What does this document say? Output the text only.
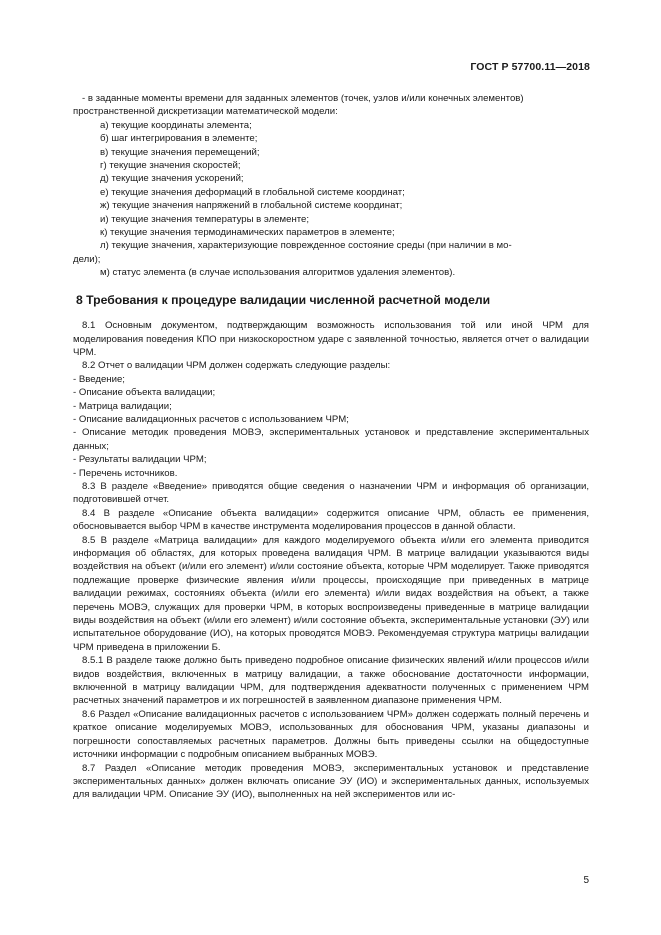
ГОСТ Р 57700.11—2018

- в заданные моменты времени для заданных элементов (точек, узлов и/или конечных элементов)

пространственной дискретизации математической модели:

а) текущие координаты элемента;

б) шаг интегрирования в элементе;

в) текущие значения перемещений;

г) текущие значения скоростей;

д) текущие значения ускорений;

е) текущие значения деформаций в глобальной системе координат;

ж) текущие значения напряжений в глобальной системе координат;

и) текущие значения температуры в элементе;

к) текущие значения термодинамических параметров в элементе;

л) текущие значения, характеризующие поврежденное состояние среды (при наличии в мо-

дели);

м) статус элемента (в случае использования алгоритмов удаления элементов).

8 Требования к процедуре валидации численной расчетной модели

8.1 Основным документом, подтверждающим возможность использования той или иной ЧРМ для моделирования поведения КПО при низкоскоростном ударе с заявленной точностью, является отчет о валидации ЧРМ.

8.2 Отчет о валидации ЧРМ должен содержать следующие разделы:

- Введение;

- Описание объекта валидации;

- Матрица валидации;

- Описание валидационных расчетов с использованием ЧРМ;

- Описание методик проведения МОВЭ, экспериментальных установок и представление экспериментальных данных;

- Результаты валидации ЧРМ;

- Перечень источников.

8.3 В разделе «Введение» приводятся общие сведения о назначении ЧРМ и информация об организации, подготовившей отчет.

8.4 В разделе «Описание объекта валидации» содержится описание ЧРМ, область ее применения, обосновывается выбор ЧРМ в качестве инструмента моделирования процессов в данной области.

8.5 В разделе «Матрица валидации» для каждого моделируемого объекта и/или его элемента приводится информация об областях, для которых проведена валидация ЧРМ. В матрице валидации указываются виды воздействия на объект (и/или его элемент) и/или состояние объекта, которые ЧРМ моделирует. Также приводятся подлежащие проверке физические явления и/или процессы, происходящие при приведенных в матрице валидации режимах, состояниях объекта (и/или его элемента) и/или видах воздействия на объект, а также перечень МОВЭ, служащих для проверки ЧРМ, в которых воспроизведены приведенные в матрице валидации виды воздействия на объект (и/или его элемент) и/или состояние объекта, экспериментальные установки (ЭУ) или испытательное оборудование (ИО), на которых проводятся МОВЭ. Рекомендуемая структура матрицы валидации ЧРМ приведена в приложении Б.

8.5.1 В разделе также должно быть приведено подробное описание физических явлений и/или процессов и/или видов воздействия, включенных в матрицу валидации, а также обоснование достаточности информации, включенной в матрицу валидации ЧРМ, для подтверждения адекватности полученных с применением ЧРМ расчетных значений параметров и их погрешностей в заявленном диапазоне применения ЧРМ.

8.6 Раздел «Описание валидационных расчетов с использованием ЧРМ» должен содержать полный перечень и краткое описание моделируемых МОВЭ, использованных для обоснования ЧРМ, указаны диапазоны и погрешности сопоставляемых расчетных параметров. Должны быть приведены ссылки на общедоступные источники информации с подробным описанием выбранных МОВЭ.

8.7 Раздел «Описание методик проведения МОВЭ, экспериментальных установок и представление экспериментальных данных» должен включать описание ЭУ (ИО) и экспериментальных данных, используемых для валидации ЧРМ. Описание ЭУ (ИО), выполненных на ней экспериментов или ис-

5
